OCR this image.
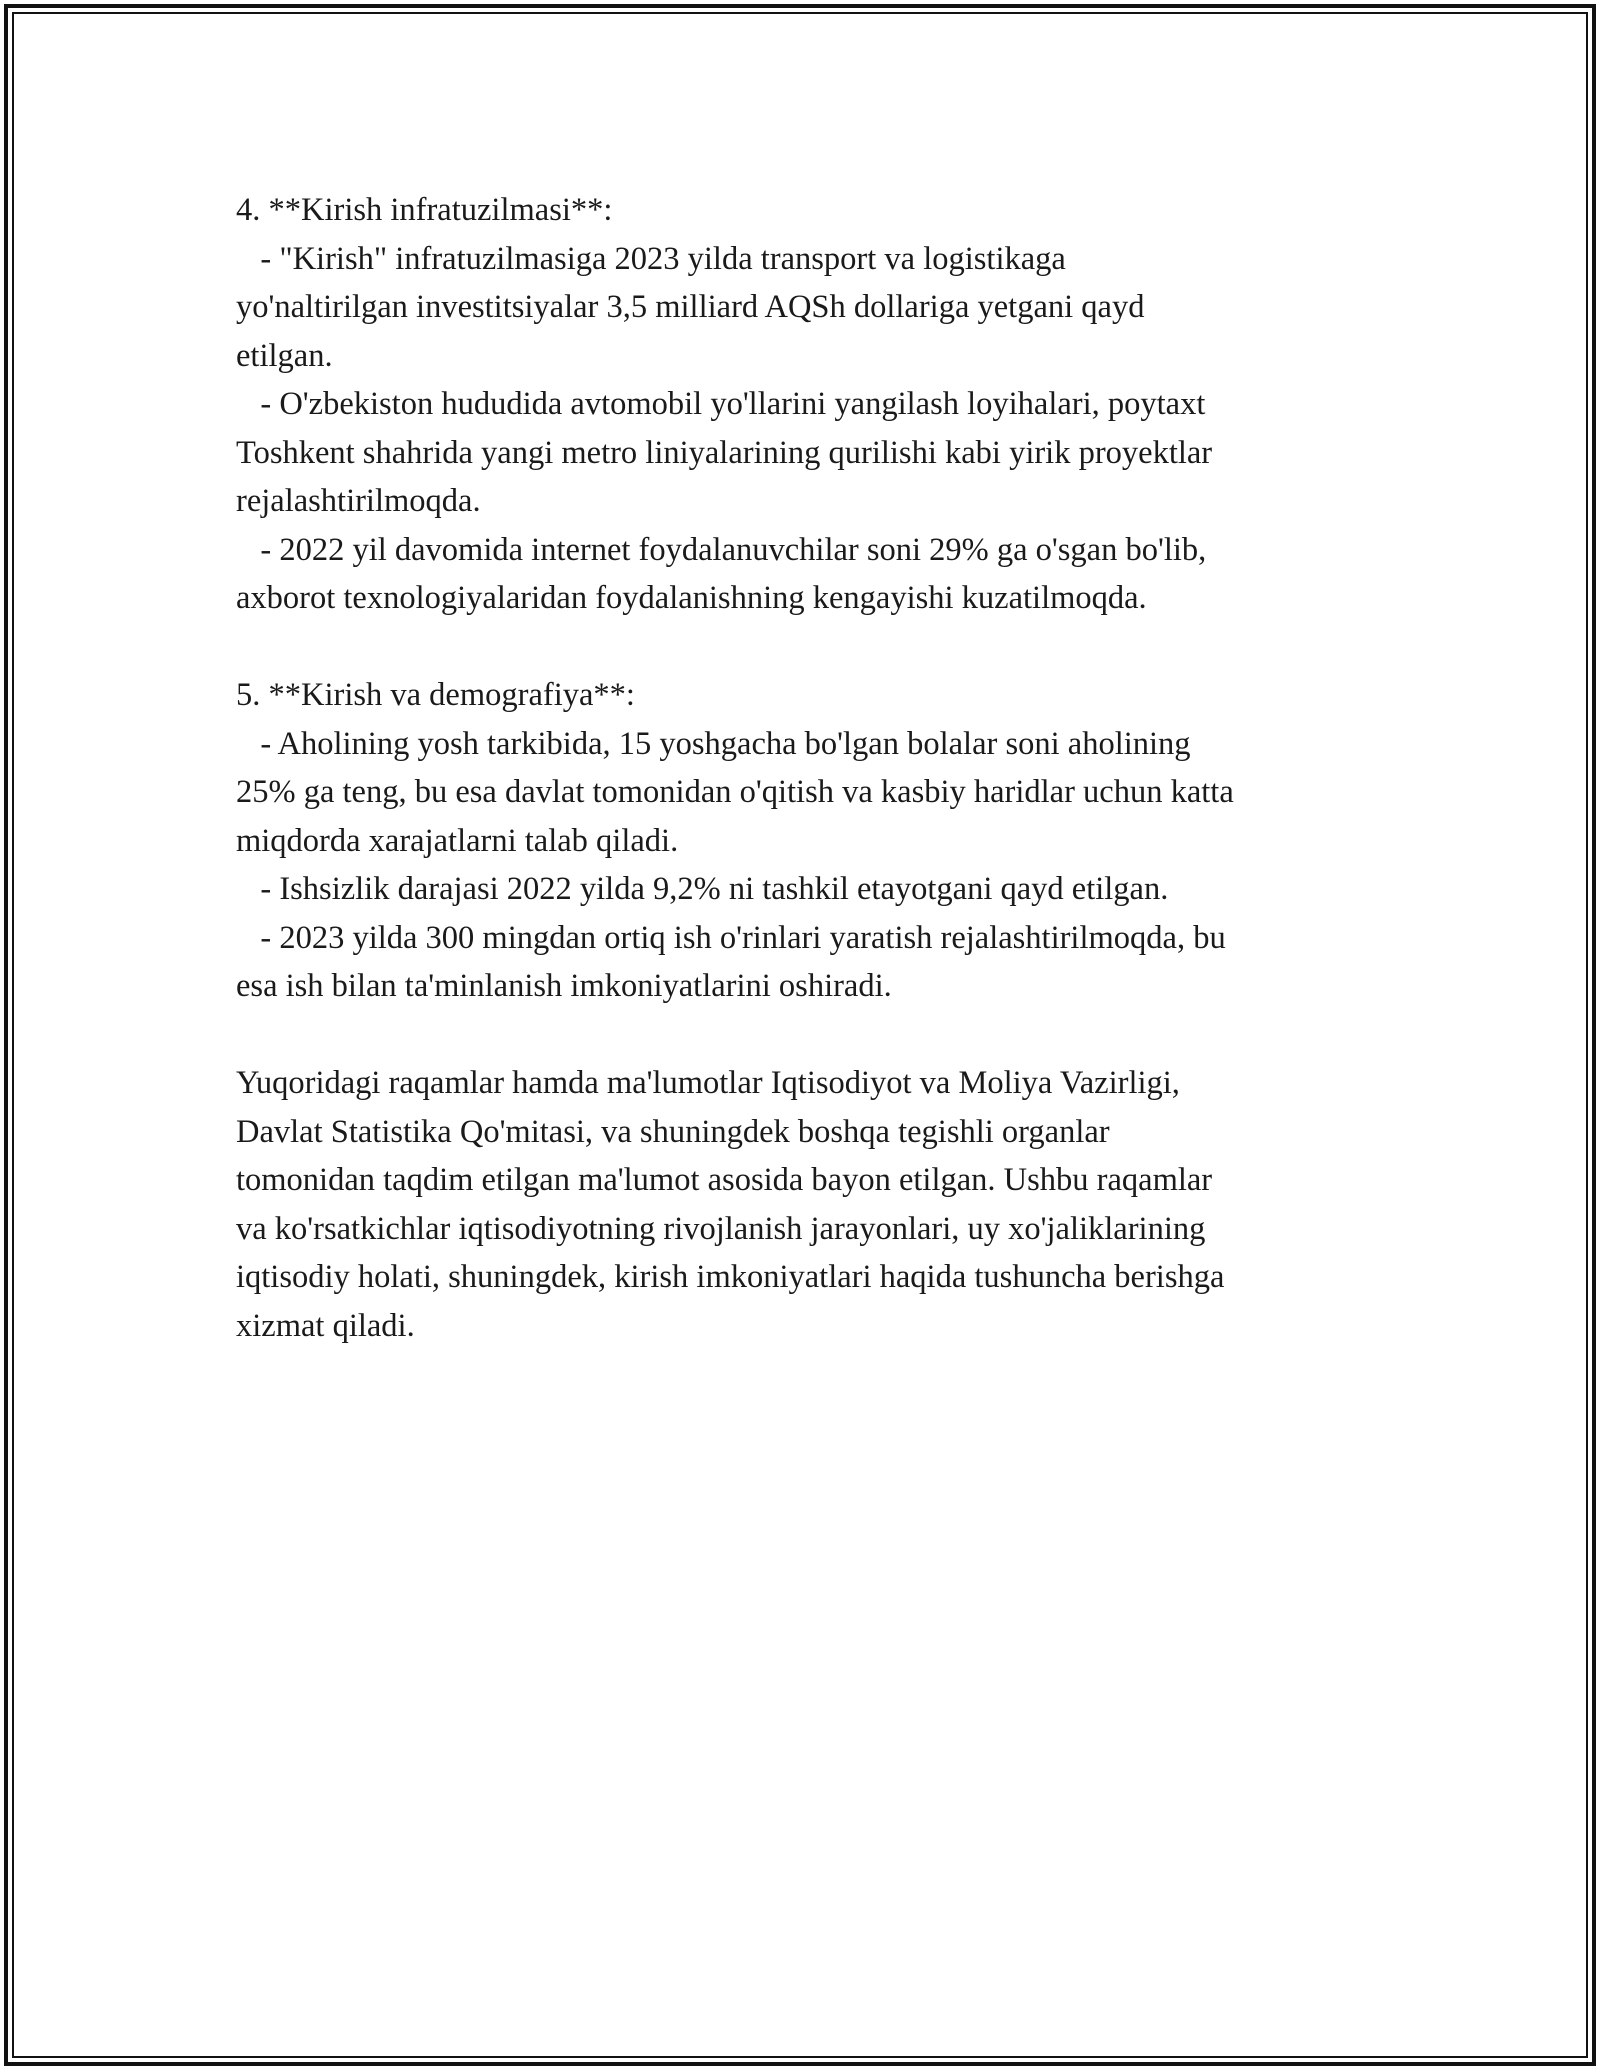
4. **Kirish infratuzilmasi**:

- "Kirish" infratuzilmasiga 2023 yilda transport va logistikaga
yo'naltirilgan investitsiyalar 3,5 milliard AQSh dollariga yetgani qayd
etilgan.

- O'zbekiston hududida avtomobil yo'llarini yangilash loyihalari, poytaxt
Toshkent shahrida yangi metro liniyalarining qurilishi kabi yirik proyektlar
rejalashtirilmoqda.

- 2022 yil davomida internet foydalanuvchilar soni 29% ga o'sgan bo'lib,
axborot texnologiyalaridan foydalanishning kengayishi kuzatilmoqda.

5. **Kirish va demografiya**:

- Aholining yosh tarkibida, 15 yoshgacha bo'lgan bolalar soni aholining
25% ga teng, bu esa davlat tomonidan o'qitish va kasbiy haridlar uchun katta
miqdorda xarajatlarni talab qiladi.

- Ishsizlik darajasi 2022 yilda 9,2% ni tashkil etayotgani qayd etilgan.

- 2023 yilda 300 mingdan ortiq ish o'rinlari yaratish rejalashtirilmoqda, bu
esa ish bilan ta'minlanish imkoniyatlarini oshiradi.

Yuqoridagi raqamlar hamda ma'lumotlar Iqtisodiyot va Moliya Vazirligi,
Davlat Statistika Qo'mitasi, va shuningdek boshqa tegishli organlar
tomonidan taqdim etilgan ma'lumot asosida bayon etilgan. Ushbu raqamlar
va ko'rsatkichlar iqtisodiyotning rivojlanish jarayonlari, uy xo'jaliklarining
iqtisodiy holati, shuningdek, kirish imkoniyatlari haqida tushuncha berishga
xizmat qiladi.
